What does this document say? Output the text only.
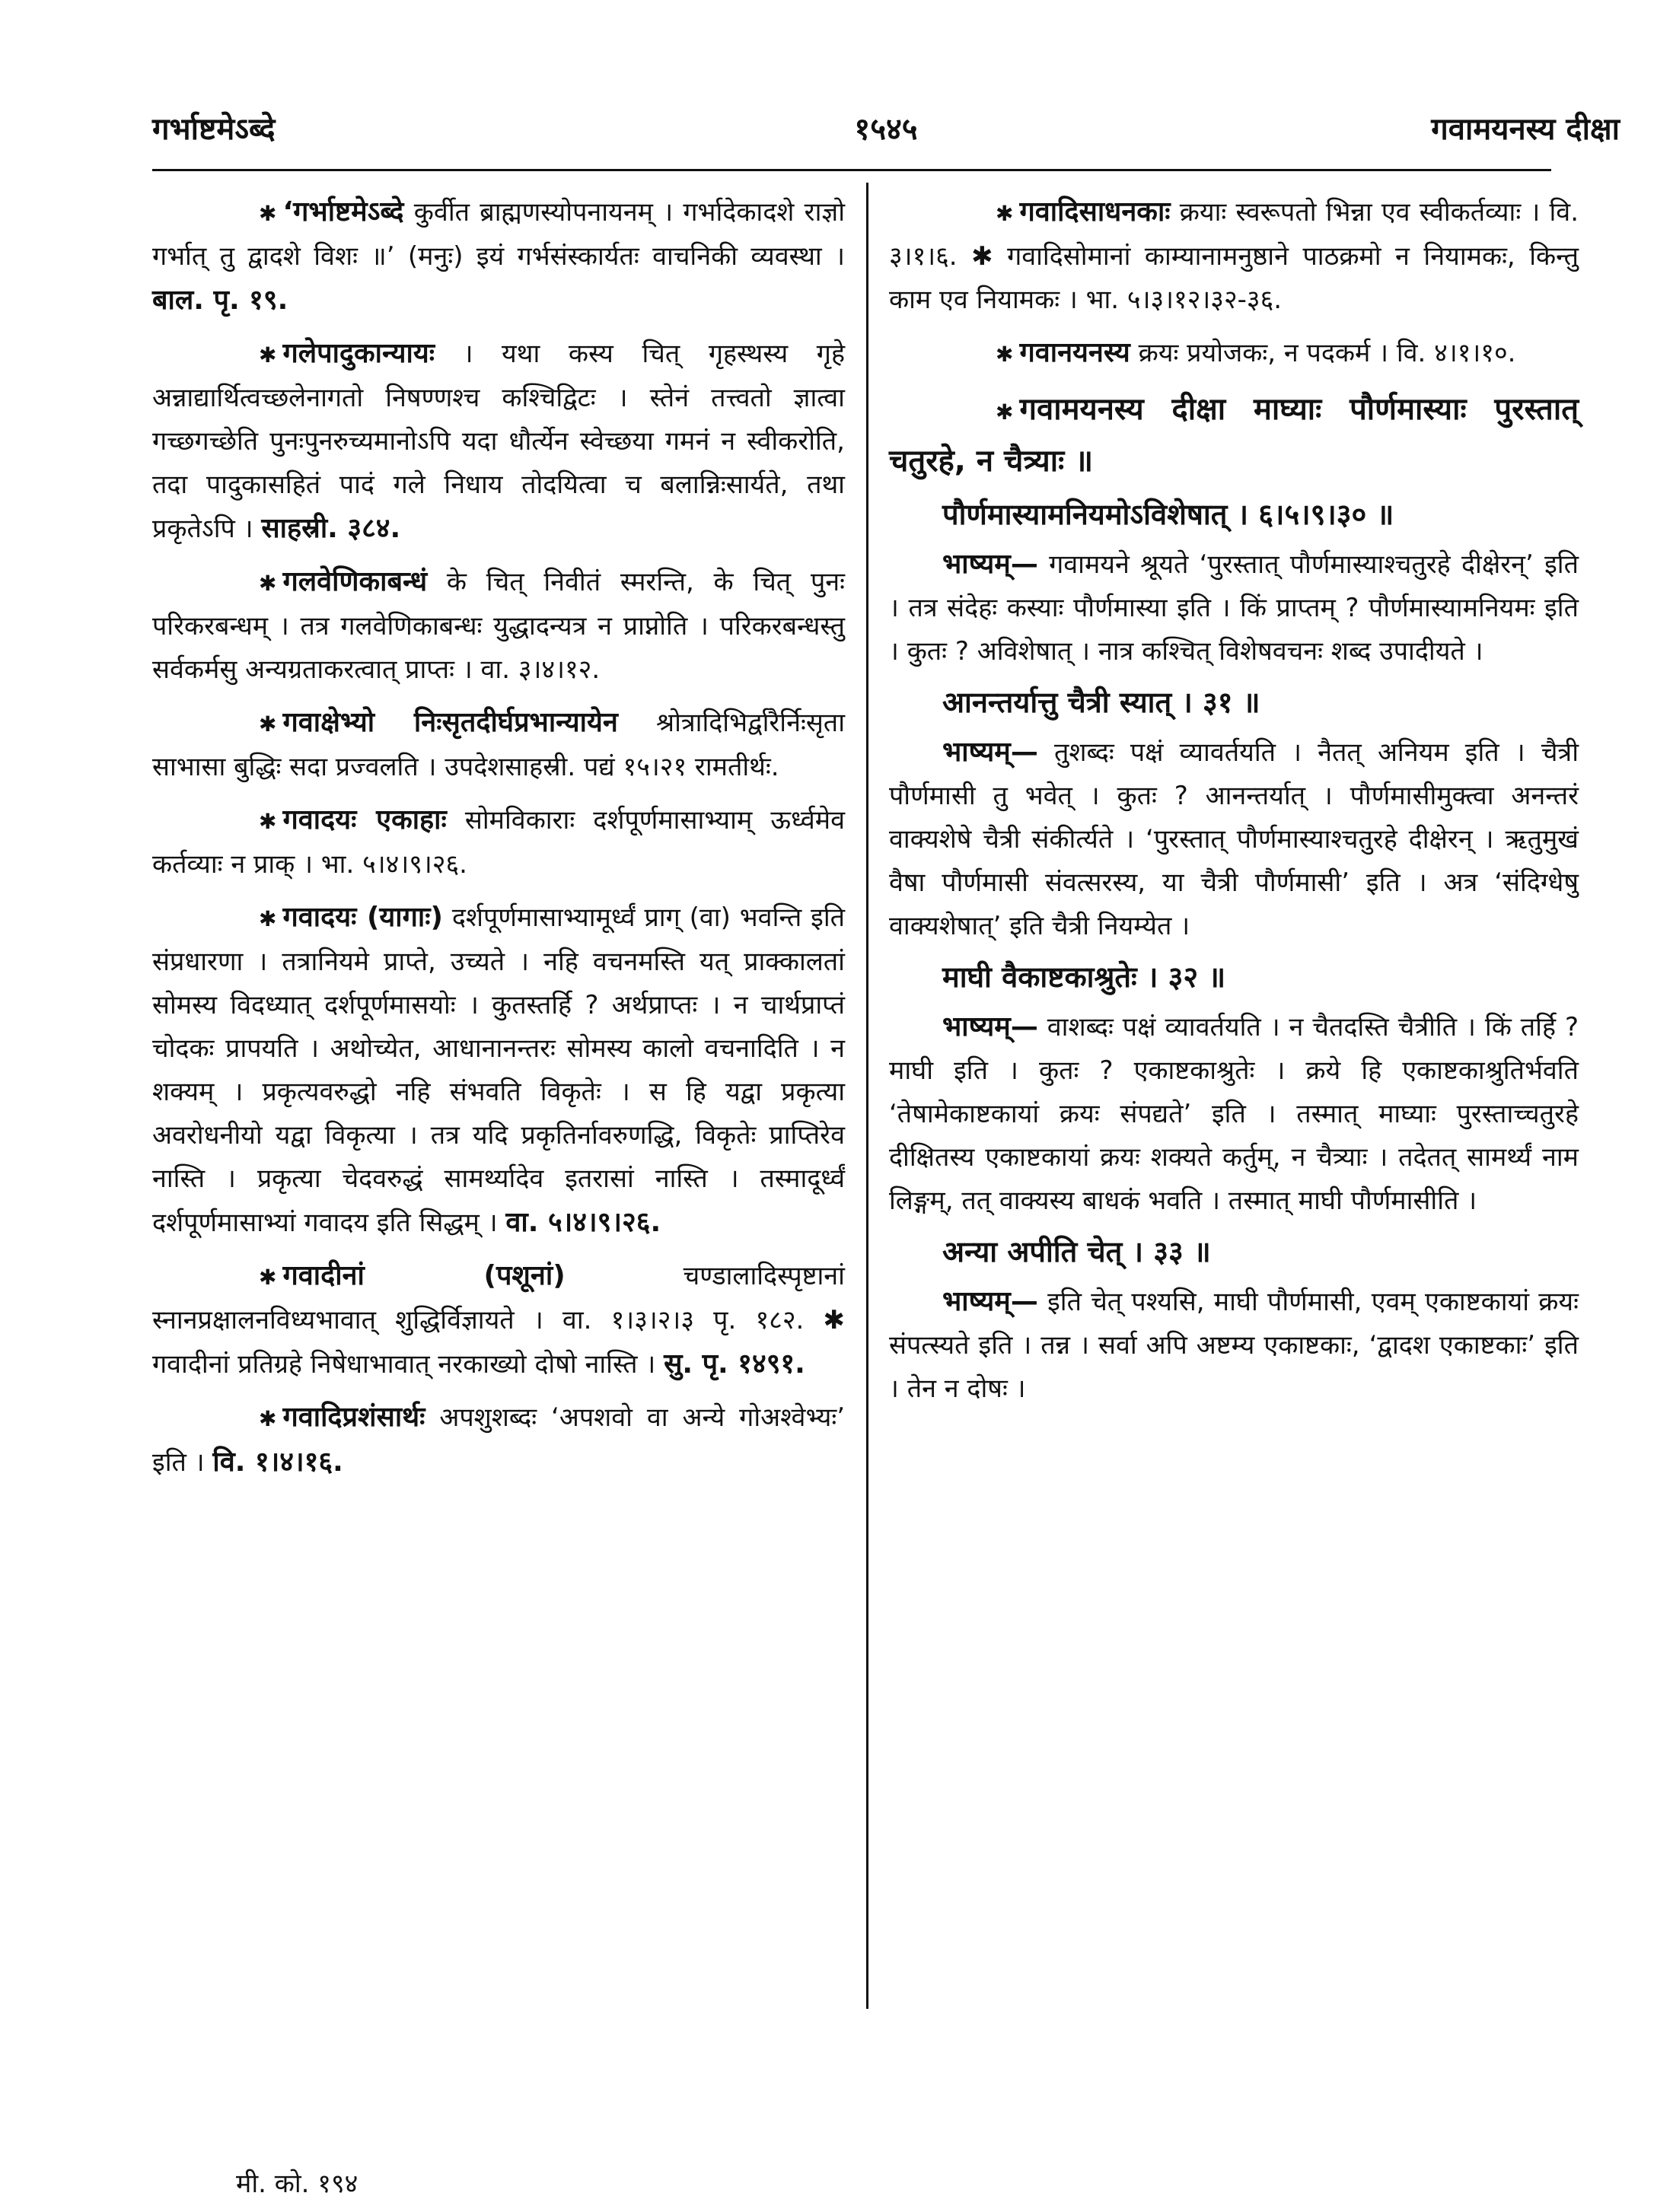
गर्भाष्टमेऽब्दे	१५४५	गवामयनस्य दीक्षा

✱ ‘गर्भाष्टमेऽब्दे कुर्वीत ब्राह्मणस्योपनायनम् । गर्भादेकादशे राज्ञो गर्भात् तु द्वादशे विशः ॥’ (मनुः) इयं गर्भसंस्कार्यतः वाचनिकी व्यवस्था । बाल. पृ. १९.

✱ गलेपादुकान्यायः । यथा कस्य चित् गृहस्थस्य गृहे अन्नाद्यार्थित्वच्छलेनागतो निषण्णश्च कश्चिद्विटः । स्तेनं तत्त्वतो ज्ञात्वा गच्छगच्छेति पुनःपुनरुच्यमानोऽपि यदा धौर्त्येन स्वेच्छया गमनं न स्वीकरोति, तदा पादुकासहितं पादं गले निधाय तोदयित्वा च बलान्निःसार्यते, तथा प्रकृतेऽपि । साहस्री. ३८४.

✱ गलवेणिकाबन्धं के चित् निवीतं स्मरन्ति, के चित् पुनः परिकरबन्धम् । तत्र गलवेणिकाबन्धः युद्धादन्यत्र न प्राप्नोति । परिकरबन्धस्तु सर्वकर्मसु अन्यग्रताकरत्वात् प्राप्तः । वा. ३।४।१२.

✱ गवाक्षेभ्यो निःसृतदीर्घप्रभान्यायेन श्रोत्रादिभिर्द्वारैर्निःसृता साभासा बुद्धिः सदा प्रज्वलति । उपदेशसाहस्री. पद्यं १५।२१ रामतीर्थः.

✱ गवादयः एकाहाः सोमविकाराः दर्शपूर्णमासाभ्याम् ऊर्ध्वमेव कर्तव्याः न प्राक् । भा. ५।४।९।२६.

✱ गवादयः (यागाः) दर्शपूर्णमासाभ्यामूर्ध्वं प्राग् (वा) भवन्ति इति संप्रधारणा । तत्रानियमे प्राप्ते, उच्यते । नहि वचनमस्ति यत् प्राक्कालतां सोमस्य विदध्यात् दर्शपूर्णमासयोः । कुतस्तर्हि ? अर्थप्राप्तः । न चार्थप्राप्तं चोदकः प्रापयति । अथोच्येत, आधानानन्तरः सोमस्य कालो वचनादिति । न शक्यम् । प्रकृत्यवरुद्धो नहि संभवति विकृतेः । स हि यद्वा प्रकृत्या अवरोधनीयो यद्वा विकृत्या । तत्र यदि प्रकृतिर्नावरुणद्धि, विकृतेः प्राप्तिरेव नास्ति । प्रकृत्या चेदवरुद्धं सामर्थ्यादेव इतरासां नास्ति । तस्मादूर्ध्वं दर्शपूर्णमासाभ्यां गवादय इति सिद्धम् । वा. ५।४।९।२६.

✱ गवादीनां (पशूनां)	चण्डालादिस्पृष्टानां स्नानप्रक्षालनविध्यभावात् शुद्धिर्विज्ञायते । वा. १।३।२।३ पृ. १८२. ✱ गवादीनां प्रतिग्रहे निषेधाभावात् नरकाख्यो दोषो नास्ति । सु. पृ. १४९१.

✱ गवादिप्रशंसार्थः अपशुशब्दः ‘अपशवो वा अन्ये गोअश्वेभ्यः’ इति । वि. १।४।१६.

✱ गवादिसाधनकाः क्रयाः स्वरूपतो भिन्ना एव स्वीकर्तव्याः । वि. ३।१।६. ✱ गवादिसोमानां काम्यानामनुष्ठाने पाठक्रमो न नियामकः, किन्तु काम एव नियामकः । भा. ५।३।१२।३२-३६.

✱ गवानयनस्य क्रयः प्रयोजकः, न पदकर्म । वि. ४।१।१०.

✱ गवामयनस्य दीक्षा माघ्याः पौर्णमास्याः पुरस्तात् चतुरहे, न चैत्र्याः ॥

पौर्णमास्यामनियमोऽविशेषात् । ६।५।९।३० ॥

भाष्यम्— गवामयने श्रूयते ‘पुरस्तात् पौर्णमास्याश्चतुरहे दीक्षेरन्’ इति । तत्र संदेहः कस्याः पौर्णमास्या इति । किं प्राप्तम् ? पौर्णमास्यामनियमः इति । कुतः ? अविशेषात् । नात्र कश्चित् विशेषवचनः शब्द उपादीयते ।

आनन्तर्यात्तु चैत्री स्यात् । ३१ ॥

भाष्यम्— तुशब्दः पक्षं व्यावर्तयति । नैतत् अनियम इति । चैत्री पौर्णमासी तु भवेत् । कुतः ? आनन्तर्यात् । पौर्णमासीमुक्त्वा अनन्तरं वाक्यशेषे चैत्री संकीर्त्यते । ‘पुरस्तात् पौर्णमास्याश्चतुरहे दीक्षेरन् । ऋतुमुखं वैषा पौर्णमासी संवत्सरस्य, या चैत्री पौर्णमासी’ इति । अत्र ‘संदिग्धेषु वाक्यशेषात्’ इति चैत्री नियम्येत ।

माघी वैकाष्टकाश्रुतेः । ३२ ॥

भाष्यम्— वाशब्दः पक्षं व्यावर्तयति । न चैतदस्ति चैत्रीति । किं तर्हि ? माघी इति । कुतः ? एकाष्टकाश्रुतेः । क्रये हि एकाष्टकाश्रुतिर्भवति ‘तेषामेकाष्टकायां क्रयः संपद्यते’ इति । तस्मात् माघ्याः पुरस्ताच्चतुरहे दीक्षितस्य एकाष्टकायां क्रयः शक्यते कर्तुम्, न चैत्र्याः । तदेतत् सामर्थ्यं नाम लिङ्गम्, तत् वाक्यस्य बाधकं भवति । तस्मात् माघी पौर्णमासीति ।

अन्या अपीति चेत् । ३३ ॥

भाष्यम्— इति चेत् पश्यसि, माघी पौर्णमासी, एवम् एकाष्टकायां क्रयः संपत्स्यते इति । तन्न । सर्वा अपि अष्टम्य एकाष्टकाः, ‘द्वादश एकाष्टकाः’ इति । तेन न दोषः ।

मी. को. १९४
